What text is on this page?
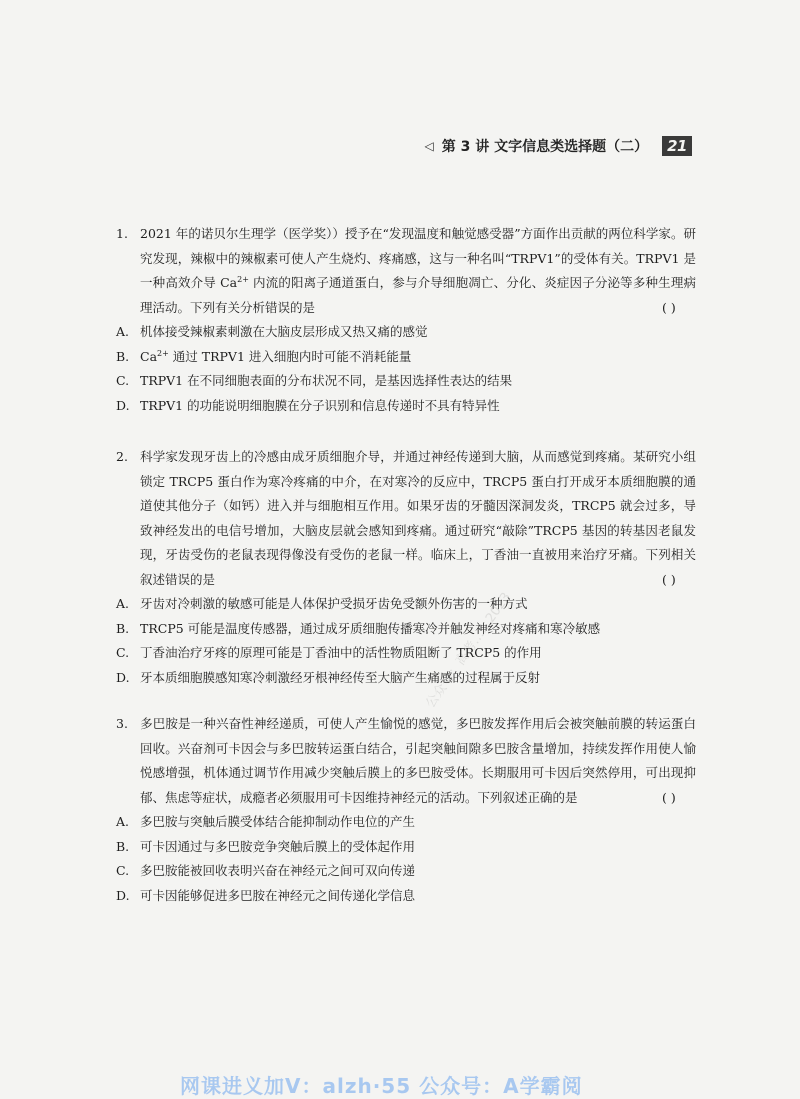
◁ 第 3 讲 文字信息类选择题（二）	21

1. 2021 年的诺贝尔生理学（医学奖））授予在“发现温度和触觉感受器”方面作出贡献的两位科学家。研究发现，辣椒中的辣椒素可使人产生烧灼、疼痛感，这与一种名叫“TRPV1”的受体有关。TRPV1 是一种高效介导 $Ca^{2+}$ 内流的阳离子通道蛋白，参与介导细胞凋亡、分化、炎症因子分泌等多种生理病理活动。下列有关分析错误的是	( )

A. 机体接受辣椒素刺激在大脑皮层形成又热又痛的感觉

B. $Ca^{2+}$ 通过 TRPV1 进入细胞内时可能不消耗能量

C. TRPV1 在不同细胞表面的分布状况不同，是基因选择性表达的结果

D. TRPV1 的功能说明细胞膜在分子识别和信息传递时不具有特异性

2. 科学家发现牙齿上的冷感由成牙质细胞介导，并通过神经传递到大脑，从而感觉到疼痛。某研究小组锁定 TRCP5 蛋白作为寒冷疼痛的中介，在对寒冷的反应中，TRCP5 蛋白打开成牙本质细胞膜的通道使其他分子（如钙）进入并与细胞相互作用。如果牙齿的牙髓因深洞发炎，TRCP5 就会过多，导致神经发出的电信号增加，大脑皮层就会感知到疼痛。通过研究“敲除”TRCP5 基因的转基因老鼠发现，牙齿受伤的老鼠表现得像没有受伤的老鼠一样。临床上，丁香油一直被用来治疗牙痛。下列相关叙述错误的是	( )

A. 牙齿对冷刺激的敏感可能是人体保护受损牙齿免受额外伤害的一种方式

B. TRCP5 可能是温度传感器，通过成牙质细胞传播寒冷并触发神经对疼痛和寒冷敏感

C. 丁香油治疗牙疼的原理可能是丁香油中的活性物质阻断了 TRCP5 的作用

D. 牙本质细胞膜感知寒冷刺激经牙根神经传至大脑产生痛感的过程属于反射

3. 多巴胺是一种兴奋性神经递质，可使人产生愉悦的感觉，多巴胺发挥作用后会被突触前膜的转运蛋白回收。兴奋剂可卡因会与多巴胺转运蛋白结合，引起突触间隙多巴胺含量增加，持续发挥作用使人愉悦感增强，机体通过调节作用减少突触后膜上的多巴胺受体。长期服用可卡因后突然停用，可出现抑郁、焦虑等症状，成瘾者必须服用可卡因维持神经元的活动。下列叙述正确的是	( )

A. 多巴胺与突触后膜受体结合能抑制动作电位的产生

B. 可卡因通过与多巴胺竞争突触后膜上的受体起作用

C. 多巴胺能被回收表明兴奋在神经元之间可双向传递

D. 可卡因能够促进多巴胺在神经元之间传递化学信息

公众号：高考……2023
网课进义加V：alzh·55 公众号：A学霸阅
